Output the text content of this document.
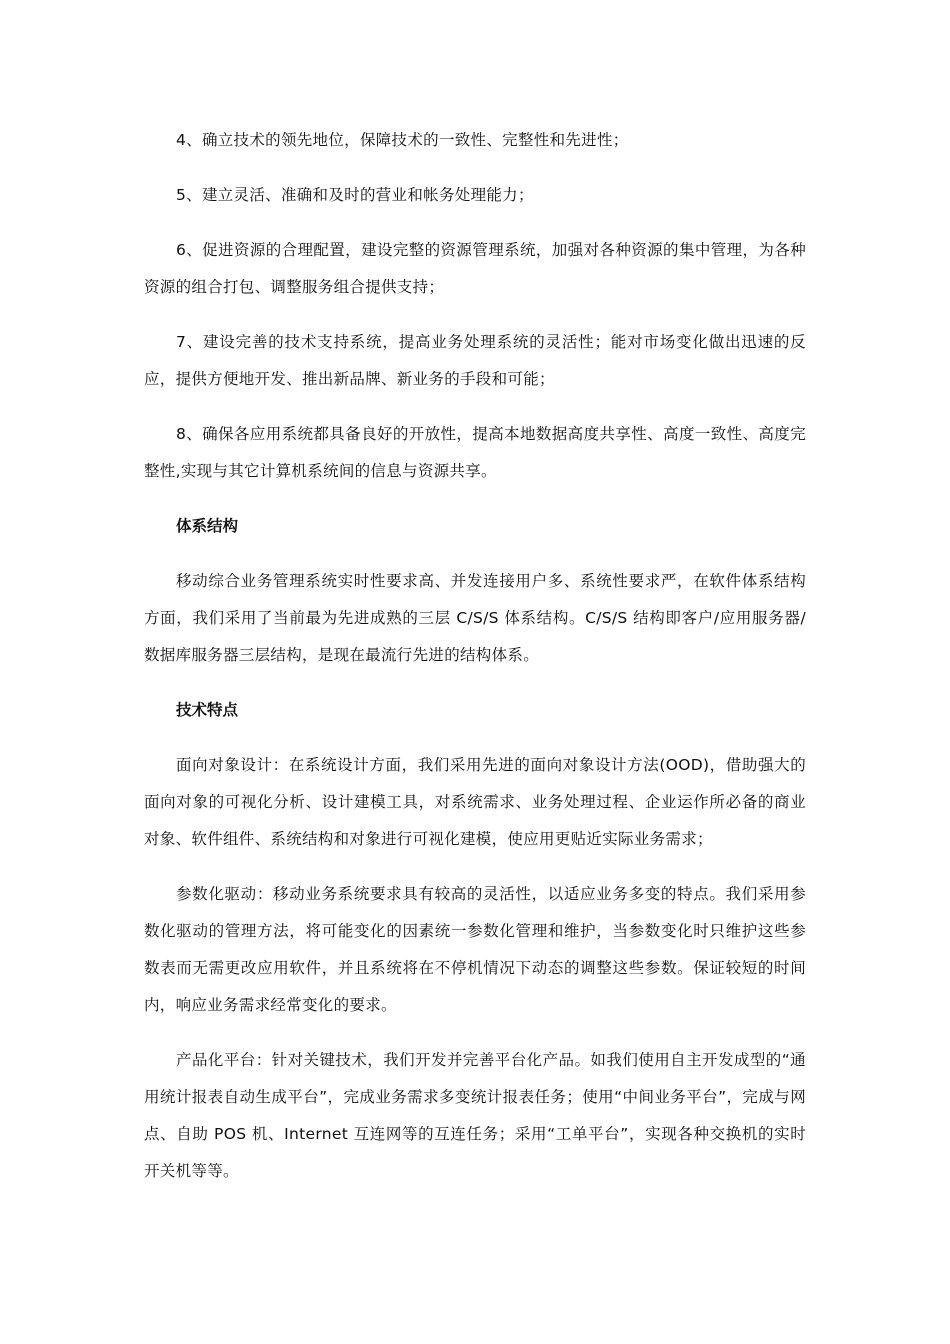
4、确立技术的领先地位，保障技术的一致性、完整性和先进性；

5、建立灵活、准确和及时的营业和帐务处理能力；

6、促进资源的合理配置，建设完整的资源管理系统，加强对各种资源的集中管理，为各种资源的组合打包、调整服务组合提供支持；

7、建设完善的技术支持系统，提高业务处理系统的灵活性；能对市场变化做出迅速的反应，提供方便地开发、推出新品牌、新业务的手段和可能；

8、确保各应用系统都具备良好的开放性，提高本地数据高度共享性、高度一致性、高度完整性,实现与其它计算机系统间的信息与资源共享。

体系结构

移动综合业务管理系统实时性要求高、并发连接用户多、系统性要求严，在软件体系结构方面，我们采用了当前最为先进成熟的三层 C/S/S 体系结构。C/S/S 结构即客户/应用服务器/数据库服务器三层结构，是现在最流行先进的结构体系。

技术特点

面向对象设计：在系统设计方面，我们采用先进的面向对象设计方法(OOD)，借助强大的面向对象的可视化分析、设计建模工具，对系统需求、业务处理过程、企业运作所必备的商业对象、软件组件、系统结构和对象进行可视化建模，使应用更贴近实际业务需求；

参数化驱动：移动业务系统要求具有较高的灵活性，以适应业务多变的特点。我们采用参数化驱动的管理方法，将可能变化的因素统一参数化管理和维护，当参数变化时只维护这些参数表而无需更改应用软件，并且系统将在不停机情况下动态的调整这些参数。保证较短的时间内，响应业务需求经常变化的要求。

产品化平台：针对关键技术，我们开发并完善平台化产品。如我们使用自主开发成型的“通用统计报表自动生成平台”，完成业务需求多变统计报表任务；使用“中间业务平台”，完成与网点、自助 POS 机、Internet 互连网等的互连任务；采用“工单平台”，实现各种交换机的实时开关机等等。
